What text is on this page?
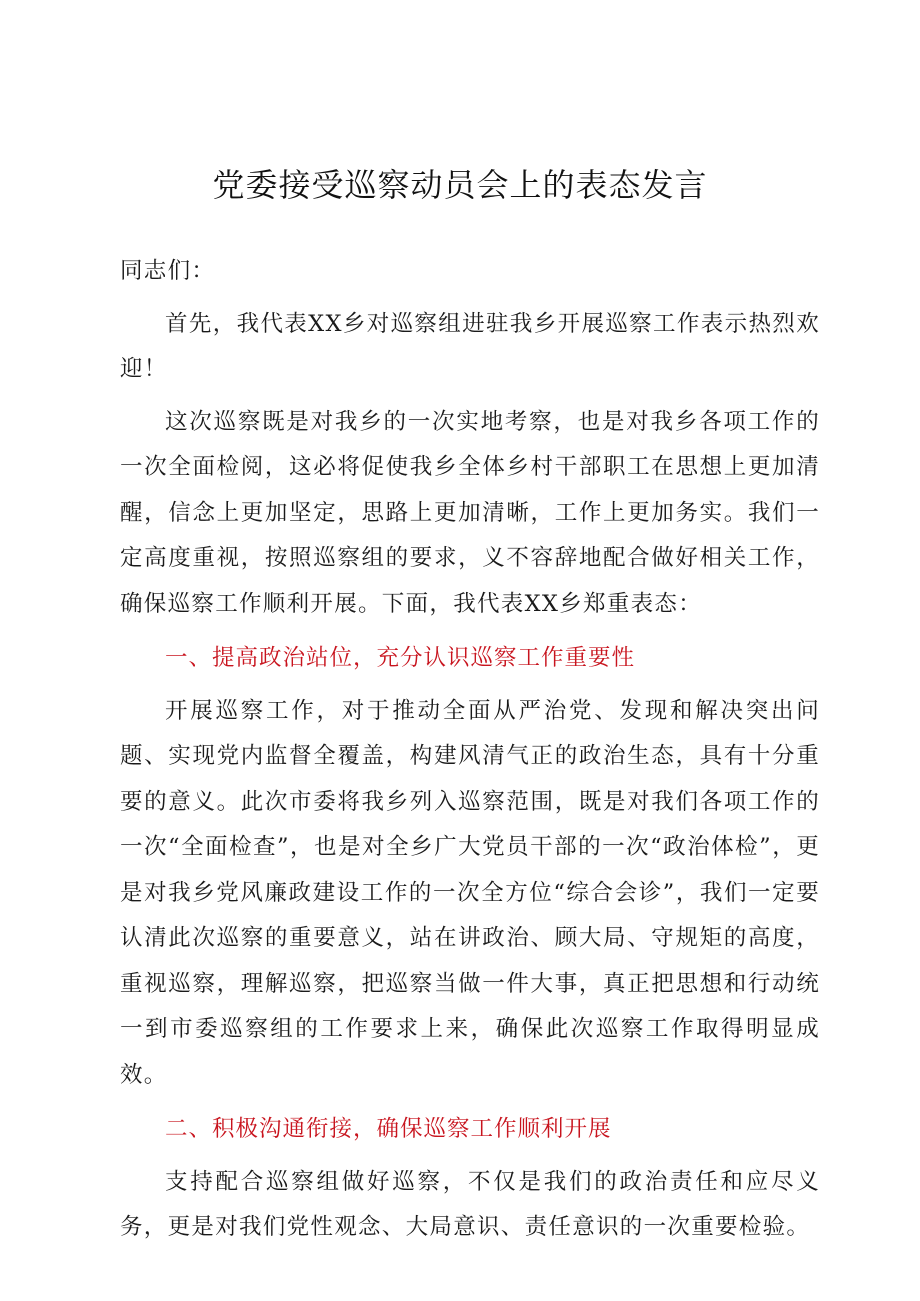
党委接受巡察动员会上的表态发言

同志们：

首先，我代表XX乡对巡察组进驻我乡开展巡察工作表示热烈欢迎！

这次巡察既是对我乡的一次实地考察，也是对我乡各项工作的一次全面检阅，这必将促使我乡全体乡村干部职工在思想上更加清醒，信念上更加坚定，思路上更加清晰，工作上更加务实。我们一定高度重视，按照巡察组的要求，义不容辞地配合做好相关工作，确保巡察工作顺利开展。下面，我代表XX乡郑重表态：

一、提高政治站位，充分认识巡察工作重要性

开展巡察工作，对于推动全面从严治党、发现和解决突出问题、实现党内监督全覆盖，构建风清气正的政治生态，具有十分重要的意义。此次市委将我乡列入巡察范围，既是对我们各项工作的一次“全面检查”，也是对全乡广大党员干部的一次“政治体检”，更是对我乡党风廉政建设工作的一次全方位“综合会诊”，我们一定要认清此次巡察的重要意义，站在讲政治、顾大局、守规矩的高度，重视巡察，理解巡察，把巡察当做一件大事，真正把思想和行动统一到市委巡察组的工作要求上来，确保此次巡察工作取得明显成效。

二、积极沟通衔接，确保巡察工作顺利开展

支持配合巡察组做好巡察，不仅是我们的政治责任和应尽义务，更是对我们党性观念、大局意识、责任意识的一次重要检验。
